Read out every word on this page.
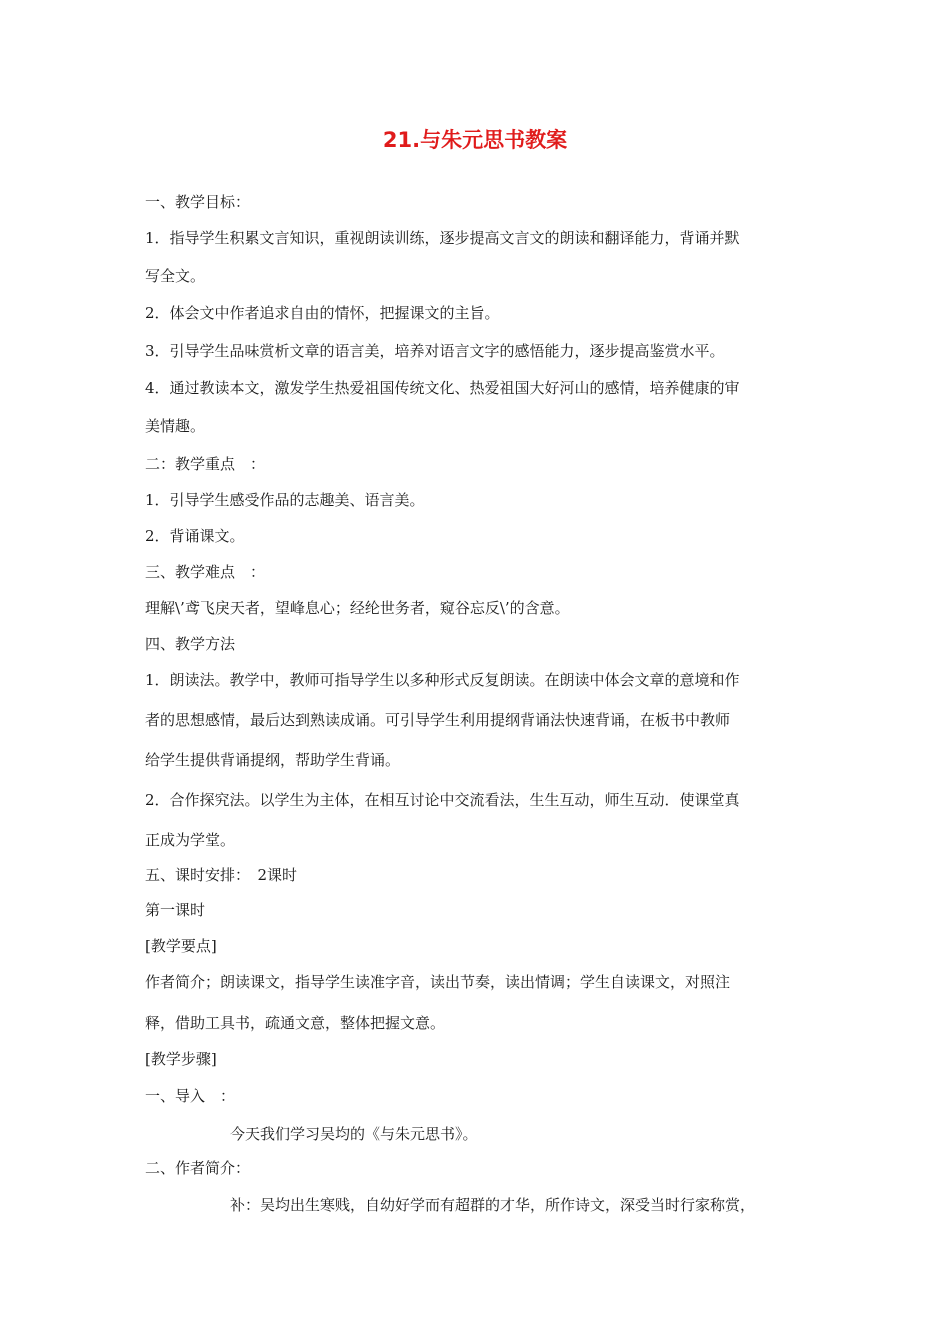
21.与朱元思书教案

一、教学目标：

1．指导学生积累文言知识，重视朗读训练，逐步提高文言文的朗读和翻译能力，背诵并默

写全文。

2．体会文中作者追求自由的情怀，把握课文的主旨。

3．引导学生品味赏析文章的语言美，培养对语言文字的感悟能力，逐步提高鉴赏水平。

4．通过教读本文，激发学生热爱祖国传统文化、热爱祖国大好河山的感情，培养健康的审

美情趣。

二：教学重点　：

1．引导学生感受作品的志趣美、语言美。

2．背诵课文。

三、教学难点　：

理解\’鸢飞戾天者，望峰息心；经纶世务者，窥谷忘反\’的含意。

四、教学方法

1．朗读法。教学中，教师可指导学生以多种形式反复朗读。在朗读中体会文章的意境和作

者的思想感情，最后达到熟读成诵。可引导学生利用提纲背诵法快速背诵，在板书中教师

给学生提供背诵提纲，帮助学生背诵。

2．合作探究法。以学生为主体，在相互讨论中交流看法，生生互动，师生互动．使课堂真

正成为学堂。

五、课时安排：　2课时

第一课时

[教学要点]

作者简介；朗读课文，指导学生读准字音，读出节奏，读出情调；学生自读课文，对照注

释，借助工具书，疏通文意，整体把握文意。

[教学步骤]

一、导入　：

今天我们学习吴均的《与朱元思书》。

二、作者简介：

补：吴均出生寒贱，自幼好学而有超群的才华，所作诗文，深受当时行家称赏，
